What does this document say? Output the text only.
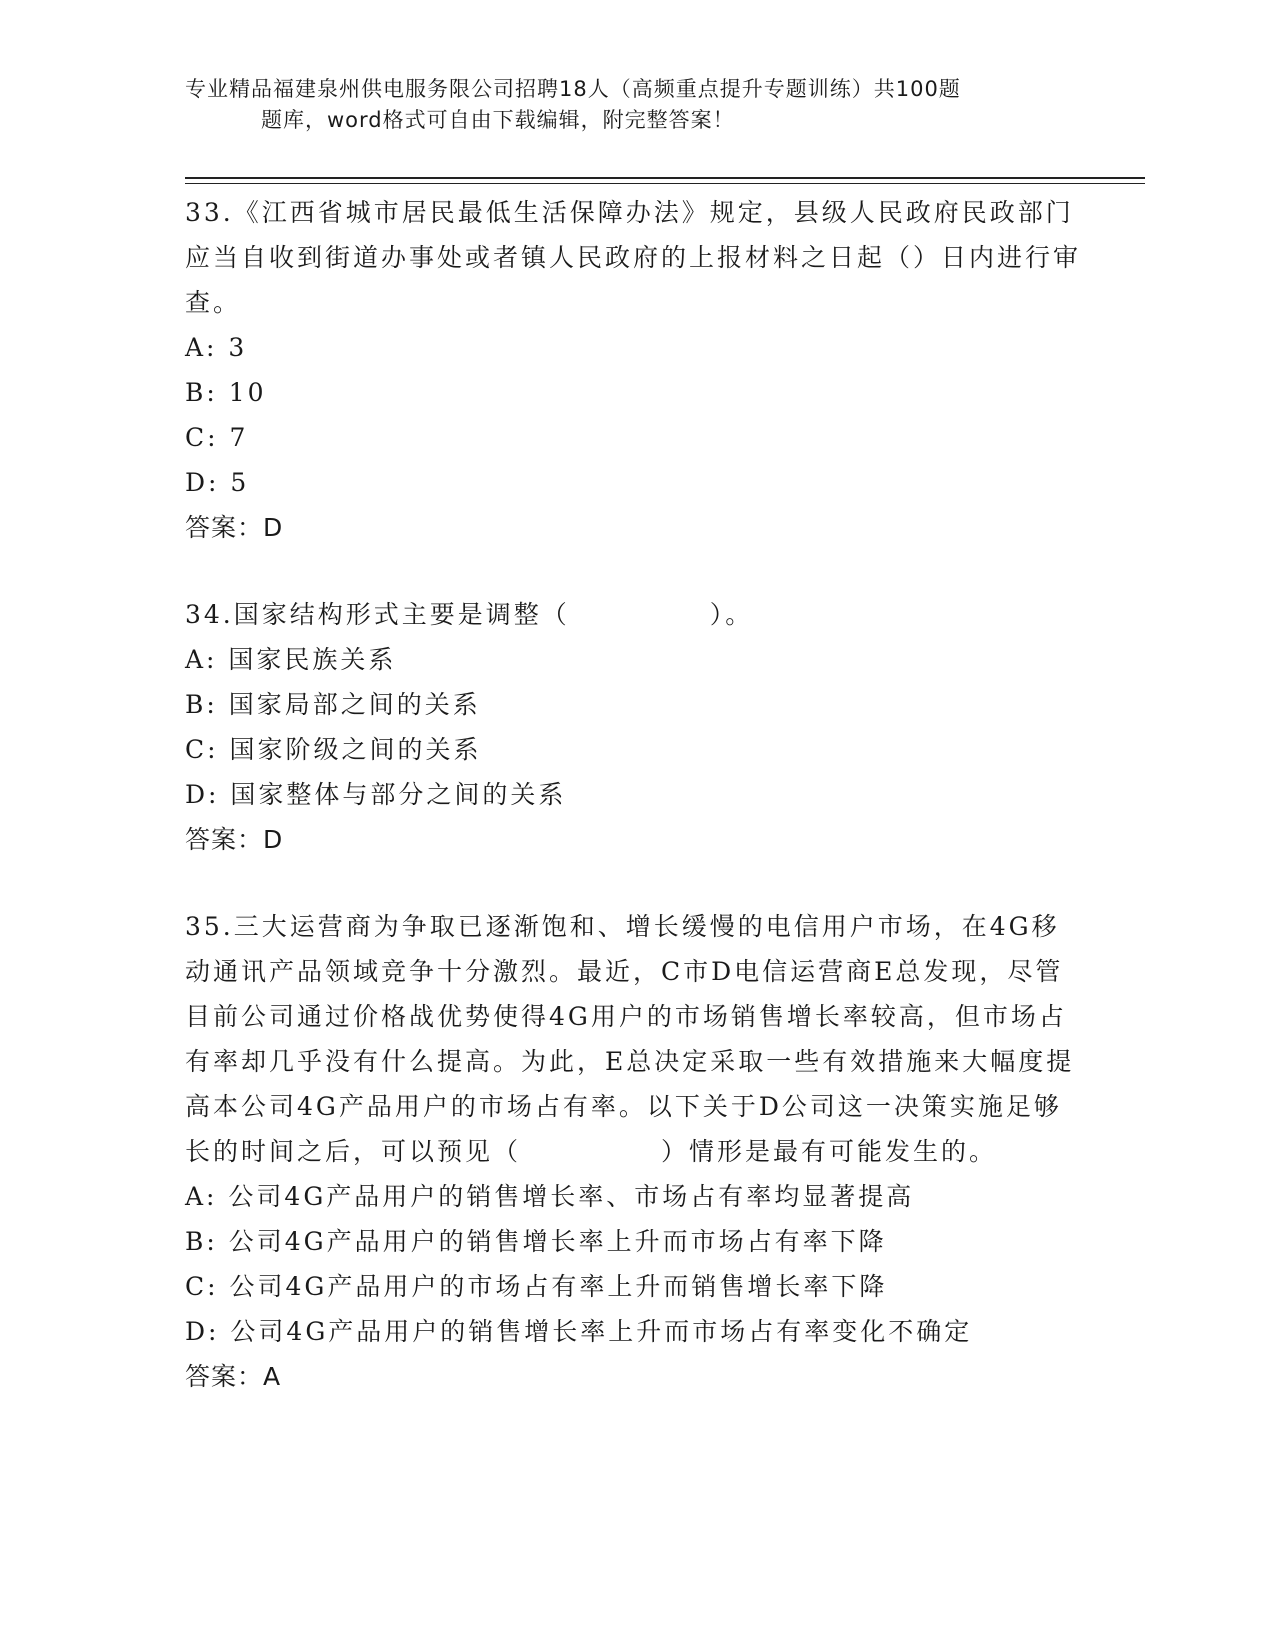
专业精品福建泉州供电服务限公司招聘18人（高频重点提升专题训练）共100题
题库，word格式可自由下载编辑，附完整答案！

33.《江西省城市居民最低生活保障办法》规定，县级人民政府民政部门应当自收到街道办事处或者镇人民政府的上报材料之日起（）日内进行审查。

A: 3

B: 10

C: 7

D: 5

答案：D

34.国家结构形式主要是调整（　　　　　）。

A: 国家民族关系

B: 国家局部之间的关系

C: 国家阶级之间的关系

D: 国家整体与部分之间的关系

答案：D

35.三大运营商为争取已逐渐饱和、增长缓慢的电信用户市场，在4G移动通讯产品领域竞争十分激烈。最近，C市D电信运营商E总发现，尽管目前公司通过价格战优势使得4G用户的市场销售增长率较高，但市场占有率却几乎没有什么提高。为此，E总决定采取一些有效措施来大幅度提高本公司4G产品用户的市场占有率。以下关于D公司这一决策实施足够长的时间之后，可以预见（　　　　　）情形是最有可能发生的。

A: 公司4G产品用户的销售增长率、市场占有率均显著提高

B: 公司4G产品用户的销售增长率上升而市场占有率下降

C: 公司4G产品用户的市场占有率上升而销售增长率下降

D: 公司4G产品用户的销售增长率上升而市场占有率变化不确定

答案：A
